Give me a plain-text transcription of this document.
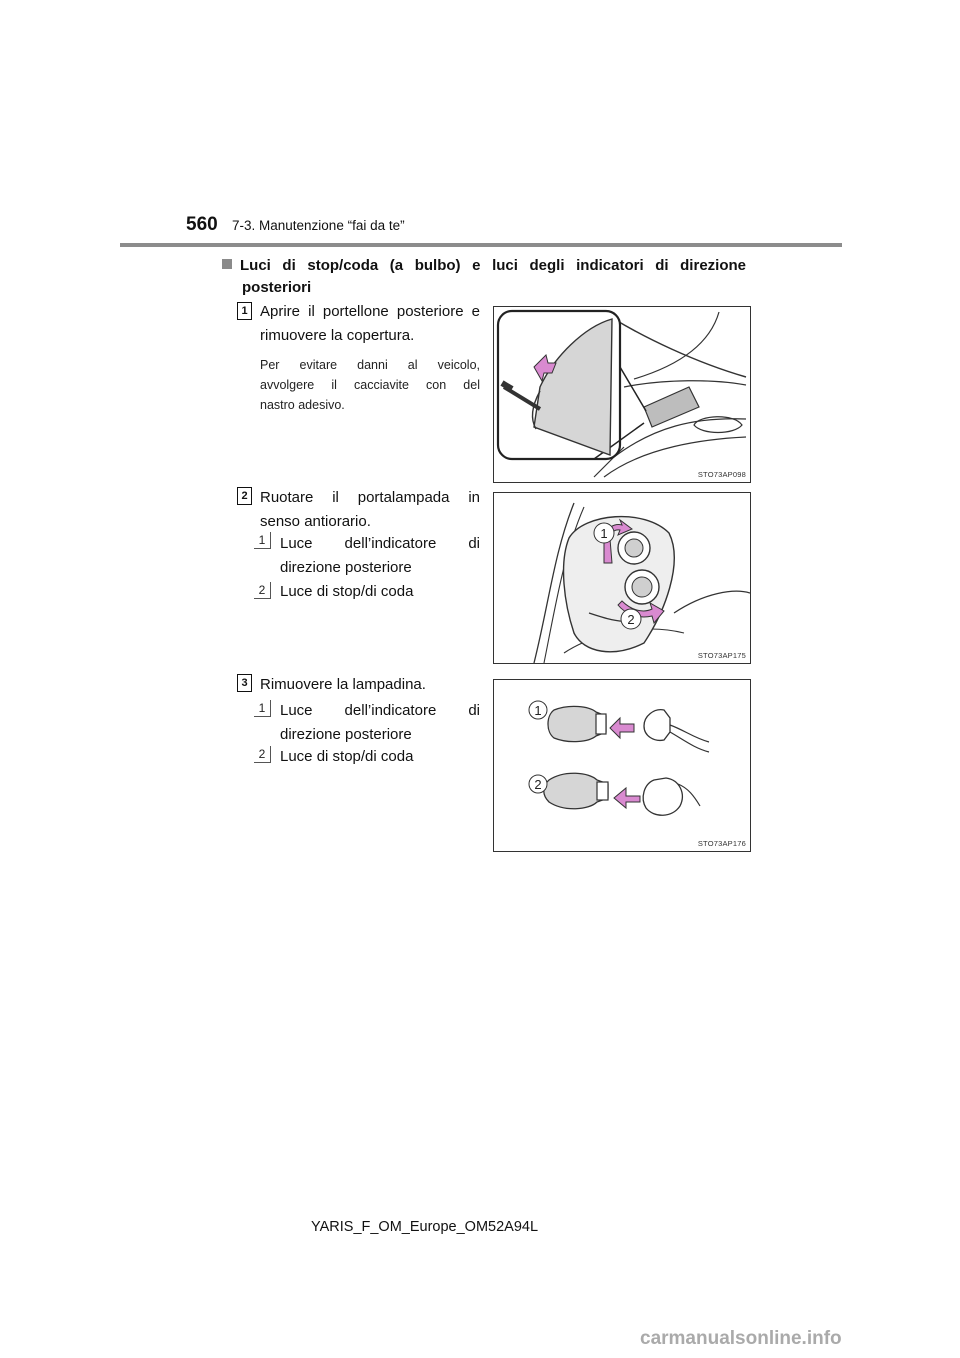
560 7-3. Manutenzione “fai da te”
Luci di stop/coda (a bulbo) e luci degli indicatori di direzione
posteriori
1 Aprire il portellone posteriore e
rimuovere la copertura.
Per evitare danni al veicolo,
avvolgere il cacciavite con del
nastro adesivo.
STO73AP098
2 Ruotare il portalampada in
senso antiorario.
1 Luce dell’indicatore di
direzione posteriore
2 Luce di stop/di coda
1
2
STO73AP175
3 Rimuovere la lampadina.
1 Luce dell’indicatore di
direzione posteriore
2 Luce di stop/di coda
1
2
STO73AP176
YARIS_F_OM_Europe_OM52A94L
carmanualsonline.info
